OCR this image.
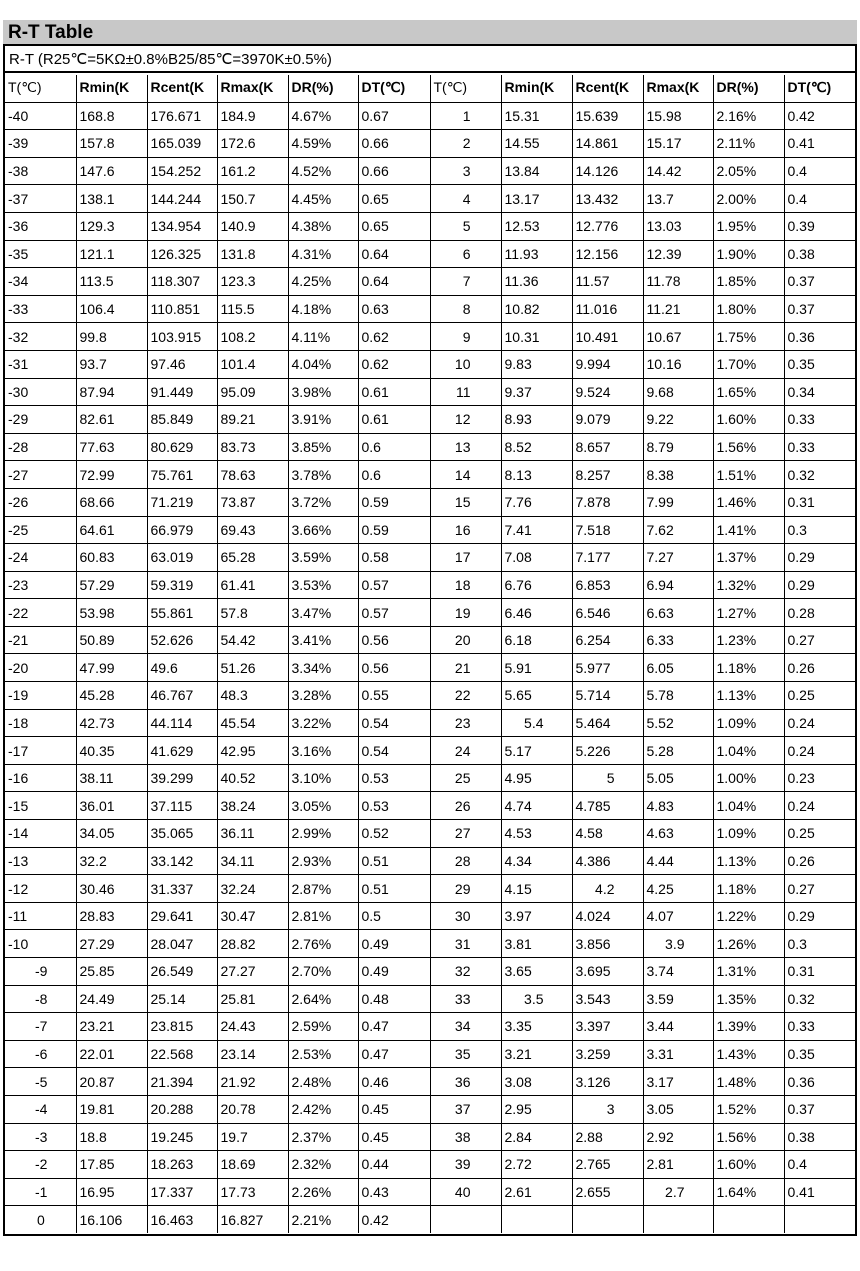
R-T Table
R-T (R25℃=5KΩ±0.8%B25/85℃=3970K±0.5%)
T(℃)	Rmin(K	Rcent(K	Rmax(K	DR(%)	DT(℃)	T(℃)	Rmin(K	Rcent(K	Rmax(K	DR(%)	DT(℃)
-40	168.8	176.671	184.9	4.67%	0.67	1	15.31	15.639	15.98	2.16%	0.42
-39	157.8	165.039	172.6	4.59%	0.66	2	14.55	14.861	15.17	2.11%	0.41
-38	147.6	154.252	161.2	4.52%	0.66	3	13.84	14.126	14.42	2.05%	0.4
-37	138.1	144.244	150.7	4.45%	0.65	4	13.17	13.432	13.7	2.00%	0.4
-36	129.3	134.954	140.9	4.38%	0.65	5	12.53	12.776	13.03	1.95%	0.39
-35	121.1	126.325	131.8	4.31%	0.64	6	11.93	12.156	12.39	1.90%	0.38
-34	113.5	118.307	123.3	4.25%	0.64	7	11.36	11.57	11.78	1.85%	0.37
-33	106.4	110.851	115.5	4.18%	0.63	8	10.82	11.016	11.21	1.80%	0.37
-32	99.8	103.915	108.2	4.11%	0.62	9	10.31	10.491	10.67	1.75%	0.36
-31	93.7	97.46	101.4	4.04%	0.62	10	9.83	9.994	10.16	1.70%	0.35
-30	87.94	91.449	95.09	3.98%	0.61	11	9.37	9.524	9.68	1.65%	0.34
-29	82.61	85.849	89.21	3.91%	0.61	12	8.93	9.079	9.22	1.60%	0.33
-28	77.63	80.629	83.73	3.85%	0.6	13	8.52	8.657	8.79	1.56%	0.33
-27	72.99	75.761	78.63	3.78%	0.6	14	8.13	8.257	8.38	1.51%	0.32
-26	68.66	71.219	73.87	3.72%	0.59	15	7.76	7.878	7.99	1.46%	0.31
-25	64.61	66.979	69.43	3.66%	0.59	16	7.41	7.518	7.62	1.41%	0.3
-24	60.83	63.019	65.28	3.59%	0.58	17	7.08	7.177	7.27	1.37%	0.29
-23	57.29	59.319	61.41	3.53%	0.57	18	6.76	6.853	6.94	1.32%	0.29
-22	53.98	55.861	57.8	3.47%	0.57	19	6.46	6.546	6.63	1.27%	0.28
-21	50.89	52.626	54.42	3.41%	0.56	20	6.18	6.254	6.33	1.23%	0.27
-20	47.99	49.6	51.26	3.34%	0.56	21	5.91	5.977	6.05	1.18%	0.26
-19	45.28	46.767	48.3	3.28%	0.55	22	5.65	5.714	5.78	1.13%	0.25
-18	42.73	44.114	45.54	3.22%	0.54	23	5.4	5.464	5.52	1.09%	0.24
-17	40.35	41.629	42.95	3.16%	0.54	24	5.17	5.226	5.28	1.04%	0.24
-16	38.11	39.299	40.52	3.10%	0.53	25	4.95	5	5.05	1.00%	0.23
-15	36.01	37.115	38.24	3.05%	0.53	26	4.74	4.785	4.83	1.04%	0.24
-14	34.05	35.065	36.11	2.99%	0.52	27	4.53	4.58	4.63	1.09%	0.25
-13	32.2	33.142	34.11	2.93%	0.51	28	4.34	4.386	4.44	1.13%	0.26
-12	30.46	31.337	32.24	2.87%	0.51	29	4.15	4.2	4.25	1.18%	0.27
-11	28.83	29.641	30.47	2.81%	0.5	30	3.97	4.024	4.07	1.22%	0.29
-10	27.29	28.047	28.82	2.76%	0.49	31	3.81	3.856	3.9	1.26%	0.3
-9	25.85	26.549	27.27	2.70%	0.49	32	3.65	3.695	3.74	1.31%	0.31
-8	24.49	25.14	25.81	2.64%	0.48	33	3.5	3.543	3.59	1.35%	0.32
-7	23.21	23.815	24.43	2.59%	0.47	34	3.35	3.397	3.44	1.39%	0.33
-6	22.01	22.568	23.14	2.53%	0.47	35	3.21	3.259	3.31	1.43%	0.35
-5	20.87	21.394	21.92	2.48%	0.46	36	3.08	3.126	3.17	1.48%	0.36
-4	19.81	20.288	20.78	2.42%	0.45	37	2.95	3	3.05	1.52%	0.37
-3	18.8	19.245	19.7	2.37%	0.45	38	2.84	2.88	2.92	1.56%	0.38
-2	17.85	18.263	18.69	2.32%	0.44	39	2.72	2.765	2.81	1.60%	0.4
-1	16.95	17.337	17.73	2.26%	0.43	40	2.61	2.655	2.7	1.64%	0.41
0	16.106	16.463	16.827	2.21%	0.42						
